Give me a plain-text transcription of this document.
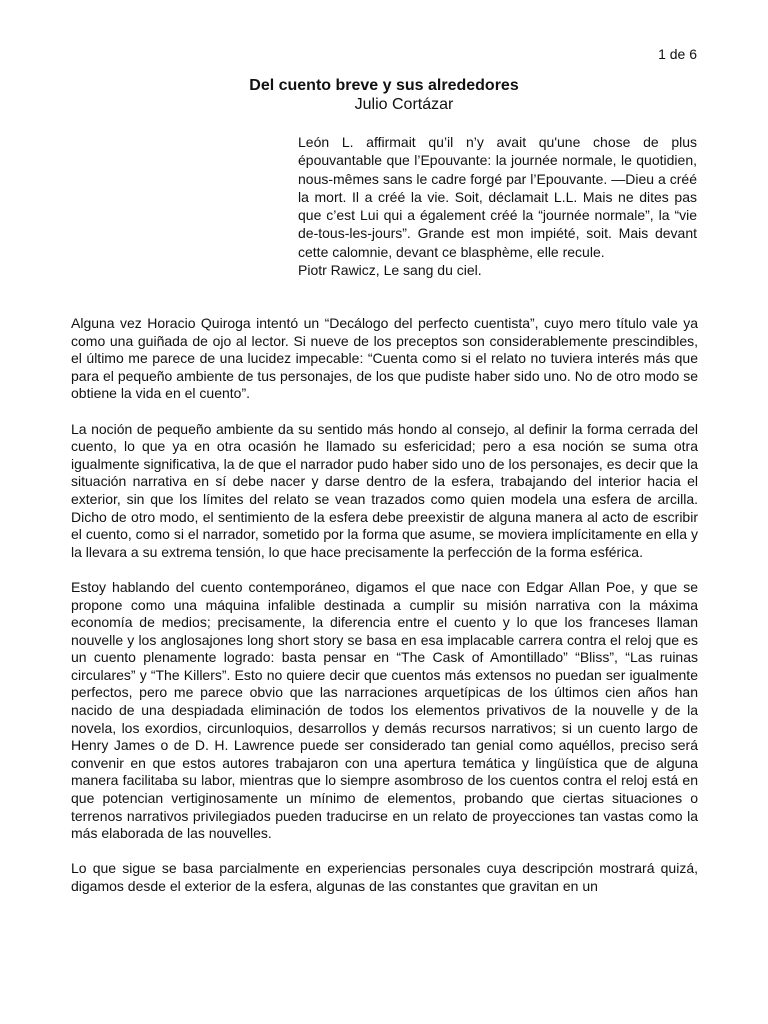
1 de 6
Del cuento breve y sus alrededores
Julio Cortázar

León L. affirmait qu’il n’y avait qu'une chose de plus épouvantable que l’Epouvante: la journée normale, le quotidien, nous-mêmes sans le cadre forgé par l’Epouvante. —Dieu a créé la mort. Il a créé la vie. Soit, déclamait L.L. Mais ne dites pas que c’est Lui qui a également créé la “journée normale”, la “vie de-tous-les-jours”. Grande est mon impiété, soit. Mais devant cette calomnie, devant ce blasphème, elle recule.

Piotr Rawicz, Le sang du ciel.

Alguna vez Horacio Quiroga intentó un “Decálogo del perfecto cuentista”, cuyo mero título vale ya como una guiñada de ojo al lector. Si nueve de los preceptos son considerablemente prescindibles, el último me parece de una lucidez impecable: “Cuenta como si el relato no tuviera interés más que para el pequeño ambiente de tus personajes, de los que pudiste haber sido uno. No de otro modo se obtiene la vida en el cuento”.

La noción de pequeño ambiente da su sentido más hondo al consejo, al definir la forma cerrada del cuento, lo que ya en otra ocasión he llamado su esfericidad; pero a esa noción se suma otra igualmente significativa, la de que el narrador pudo haber sido uno de los personajes, es decir que la situación narrativa en sí debe nacer y darse dentro de la esfera, trabajando del interior hacia el exterior, sin que los límites del relato se vean trazados como quien modela una esfera de arcilla. Dicho de otro modo, el sentimiento de la esfera debe preexistir de alguna manera al acto de escribir el cuento, como si el narrador, sometido por la forma que asume, se moviera implícitamente en ella y la llevara a su extrema tensión, lo que hace precisamente la perfección de la forma esférica.

Estoy hablando del cuento contemporáneo, digamos el que nace con Edgar Allan Poe, y que se propone como una máquina infalible destinada a cumplir su misión narrativa con la máxima economía de medios; precisamente, la diferencia entre el cuento y lo que los franceses llaman nouvelle y los anglosajones long short story se basa en esa implacable carrera contra el reloj que es un cuento plenamente logrado: basta pensar en “The Cask of Amontillado” “Bliss”, “Las ruinas circulares” y “The Killers”. Esto no quiere decir que cuentos más extensos no puedan ser igualmente perfectos, pero me parece obvio que las narraciones arquetípicas de los últimos cien años han nacido de una despiadada eliminación de todos los elementos privativos de la nouvelle y de la novela, los exordios, circunloquios, desarrollos y demás recursos narrativos; si un cuento largo de Henry James o de D. H. Lawrence puede ser considerado tan genial como aquéllos, preciso será convenir en que estos autores trabajaron con una apertura temática y lingüística que de alguna manera facilitaba su labor, mientras que lo siempre asombroso de los cuentos contra el reloj está en que potencian vertiginosamente un mínimo de elementos, probando que ciertas situaciones o terrenos narrativos privilegiados pueden traducirse en un relato de proyecciones tan vastas como la más elaborada de las nouvelles.

Lo que sigue se basa parcialmente en experiencias personales cuya descripción mostrará quizá, digamos desde el exterior de la esfera, algunas de las constantes que gravitan en un
